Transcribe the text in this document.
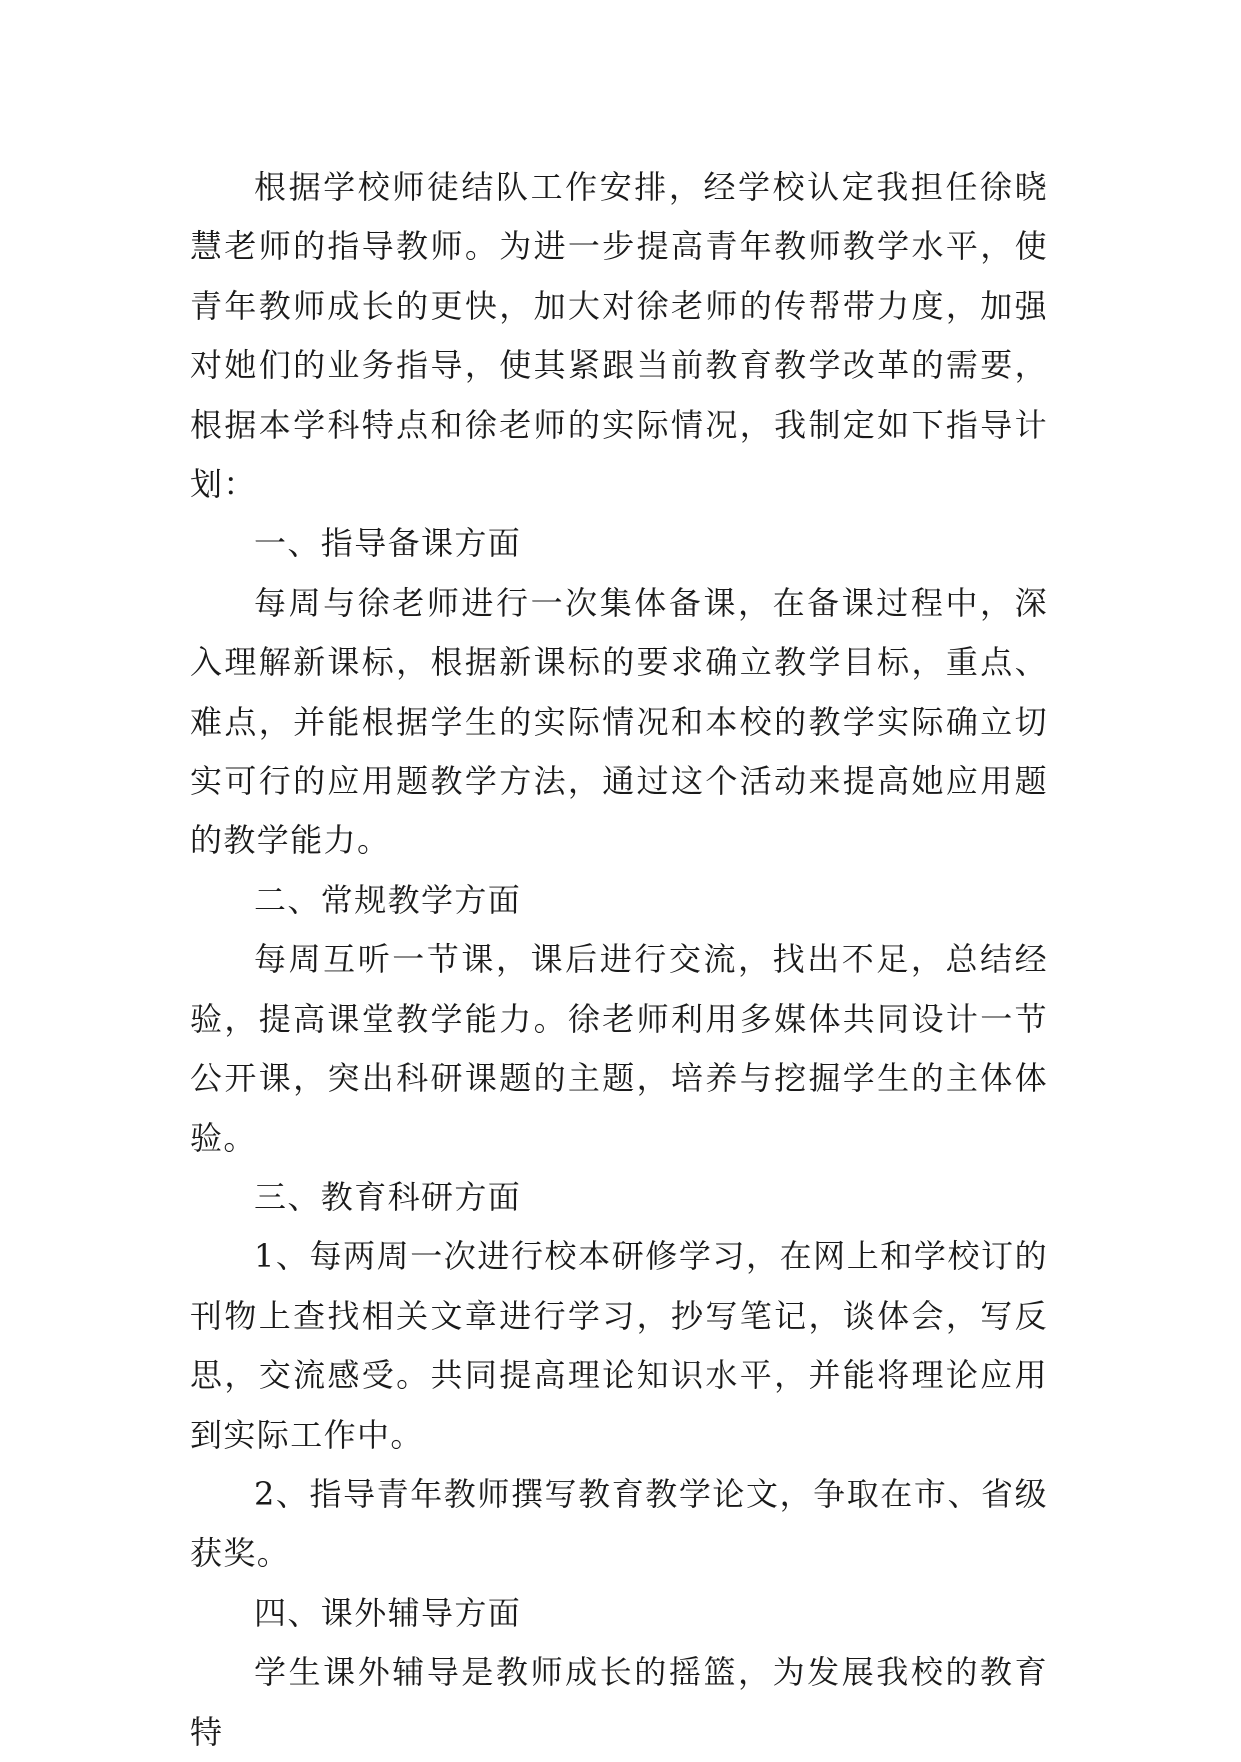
根据学校师徒结队工作安排，经学校认定我担任徐晓慧老师的指导教师。为进一步提高青年教师教学水平，使青年教师成长的更快，加大对徐老师的传帮带力度，加强对她们的业务指导，使其紧跟当前教育教学改革的需要，根据本学科特点和徐老师的实际情况，我制定如下指导计划：

一、指导备课方面

每周与徐老师进行一次集体备课，在备课过程中，深入理解新课标，根据新课标的要求确立教学目标，重点、难点，并能根据学生的实际情况和本校的教学实际确立切实可行的应用题教学方法，通过这个活动来提高她应用题的教学能力。

二、常规教学方面

每周互听一节课，课后进行交流，找出不足，总结经验，提高课堂教学能力。徐老师利用多媒体共同设计一节公开课，突出科研课题的主题，培养与挖掘学生的主体体验。

三、教育科研方面

1、每两周一次进行校本研修学习，在网上和学校订的刊物上查找相关文章进行学习，抄写笔记，谈体会，写反思，交流感受。共同提高理论知识水平，并能将理论应用到实际工作中。

2、指导青年教师撰写教育教学论文，争取在市、省级获奖。

四、课外辅导方面

学生课外辅导是教师成长的摇篮，为发展我校的教育特
